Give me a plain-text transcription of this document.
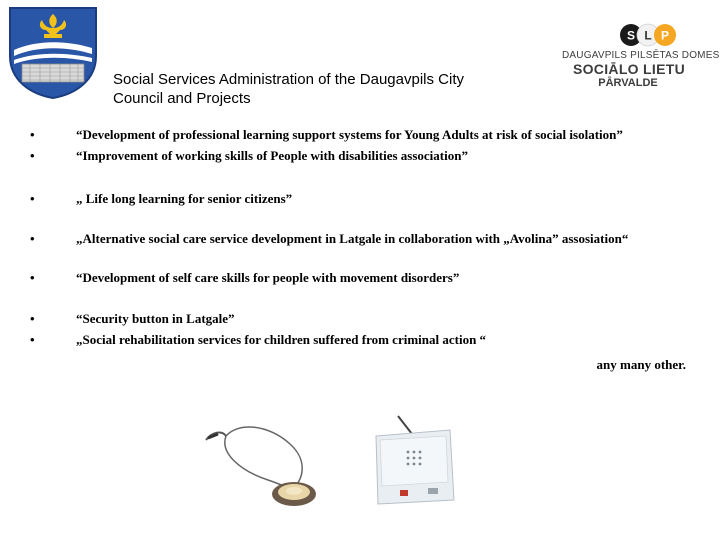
S L P
DAUGAVPILS PILSĒTAS DOMES
SOCIĀLO LIETU
PĀRVALDE
Social Services Administration of the Daugavpils City
Council and Projects
•	“Development of professional learning support systems for Young Adults at risk of social isolation”
•	“Improvement of working skills of People with disabilities association”
•	„ Life long learning for senior citizens”
•	„Alternative social care service development in Latgale in collaboration with „Avolina” assosiation“
•	“Development of self care skills for people with movement disorders”
•	“Security button in Latgale”
•	„Social rehabilitation services for children suffered from criminal action “
any many other.
